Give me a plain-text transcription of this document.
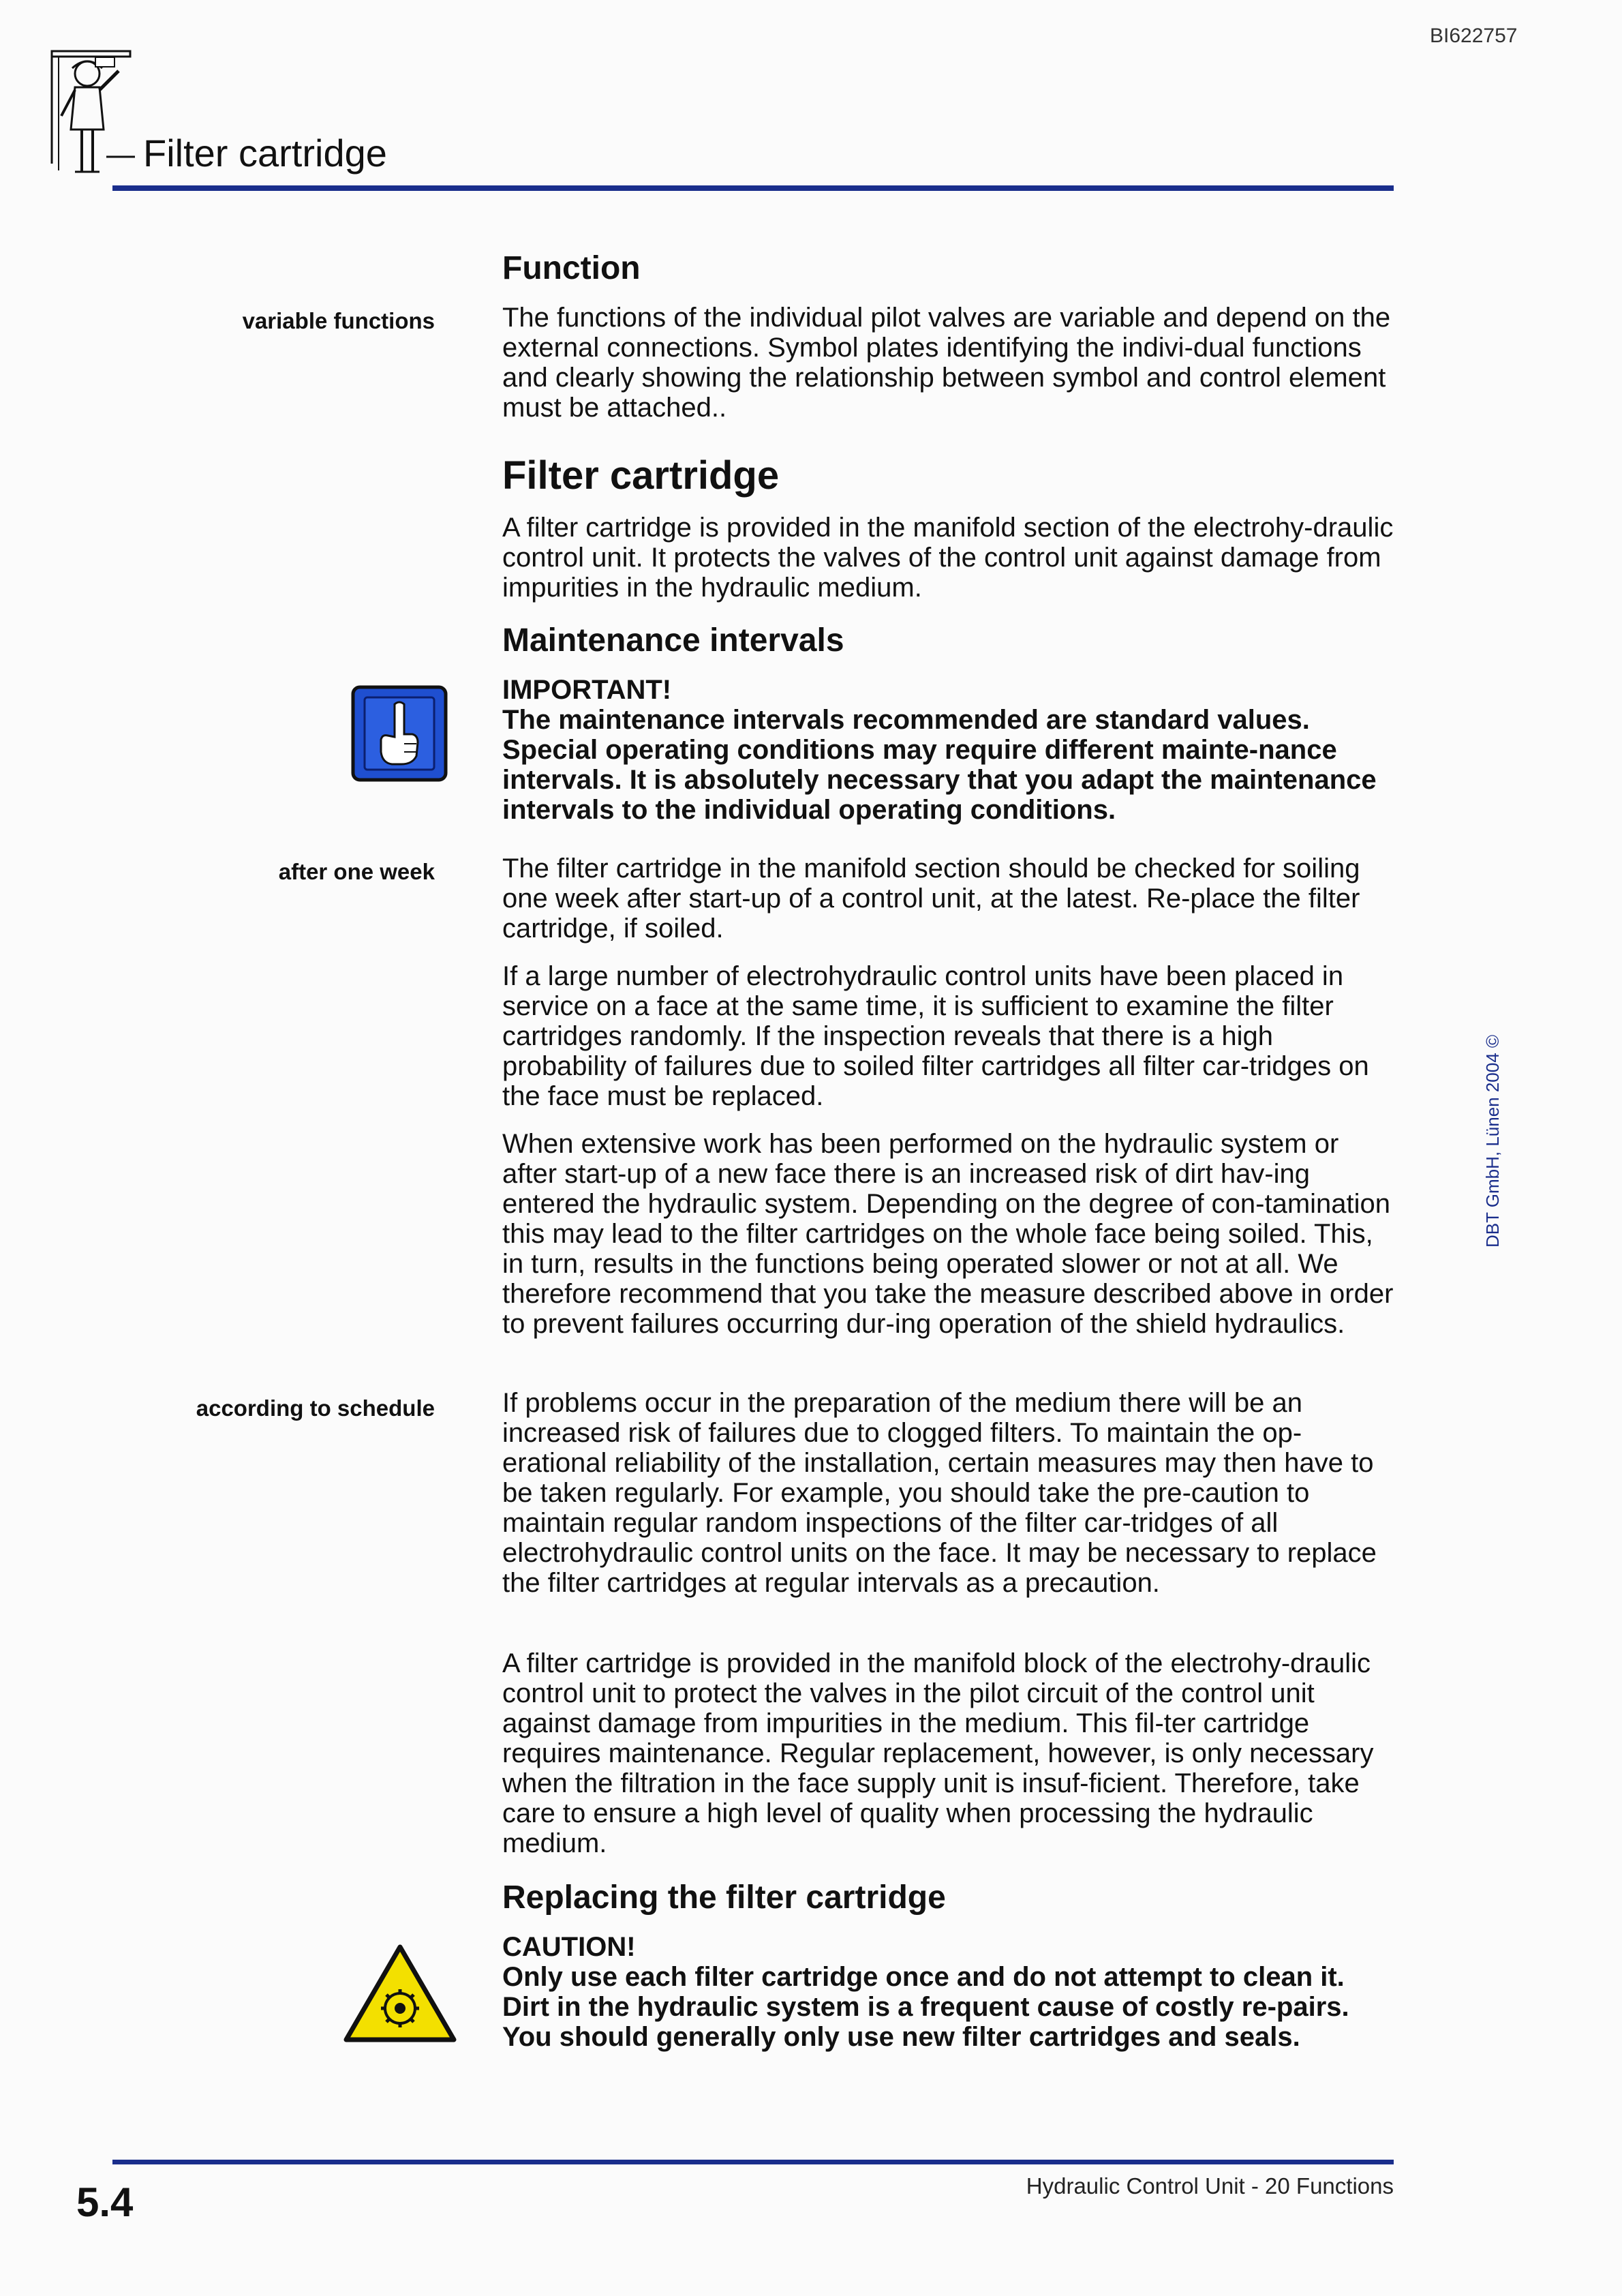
BI622757
Filter cartridge
variable functions
after one week
according to schedule
Function

The functions of the individual pilot valves are variable and depend on the external connections. Symbol plates identifying the indivi-dual functions and clearly showing the relationship between symbol and control element must be attached..

Filter cartridge

A filter cartridge is provided in the manifold section of the electrohy-draulic control unit. It protects the valves of the control unit against damage from impurities in the hydraulic medium.

Maintenance intervals

IMPORTANT!

The maintenance intervals recommended are standard values. Special operating conditions may require different mainte-nance intervals. It is absolutely necessary that you adapt the maintenance intervals to the individual operating conditions.

The filter cartridge in the manifold section should be checked for soiling one week after start-up of a control unit, at the latest. Re-place the filter cartridge, if soiled.

If a large number of electrohydraulic control units have been placed in service on a face at the same time, it is sufficient to examine the filter cartridges randomly. If the inspection reveals that there is a high probability of failures due to soiled filter cartridges all filter car-tridges on the face must be replaced.

When extensive work has been performed on the hydraulic system or after start-up of a new face there is an increased risk of dirt hav-ing entered the hydraulic system. Depending on the degree of con-tamination this may lead to the filter cartridges on the whole face being soiled. This, in turn, results in the functions being operated slower or not at all. We therefore recommend that you take the measure described above in order to prevent failures occurring dur-ing operation of the shield hydraulics.

If problems occur in the preparation of the medium there will be an increased risk of failures due to clogged filters. To maintain the op-erational reliability of the installation, certain measures may then have to be taken regularly. For example, you should take the pre-caution to maintain regular random inspections of the filter car-tridges of all electrohydraulic control units on the face. It may be necessary to replace the filter cartridges at regular intervals as a precaution.

A filter cartridge is provided in the manifold block of the electrohy-draulic control unit to protect the valves in the pilot circuit of the control unit against damage from impurities in the medium. This fil-ter cartridge requires maintenance. Regular replacement, however, is only necessary when the filtration in the face supply unit is insuf-ficient. Therefore, take care to ensure a high level of quality when processing the hydraulic medium.

Replacing the filter cartridge

CAUTION!

Only use each filter cartridge once and do not attempt to clean it. Dirt in the hydraulic system is a frequent cause of costly re-pairs. You should generally only use new filter cartridges and seals.

DBT GmbH, Lünen 2004 ©
5.4	Hydraulic Control Unit - 20 Functions
